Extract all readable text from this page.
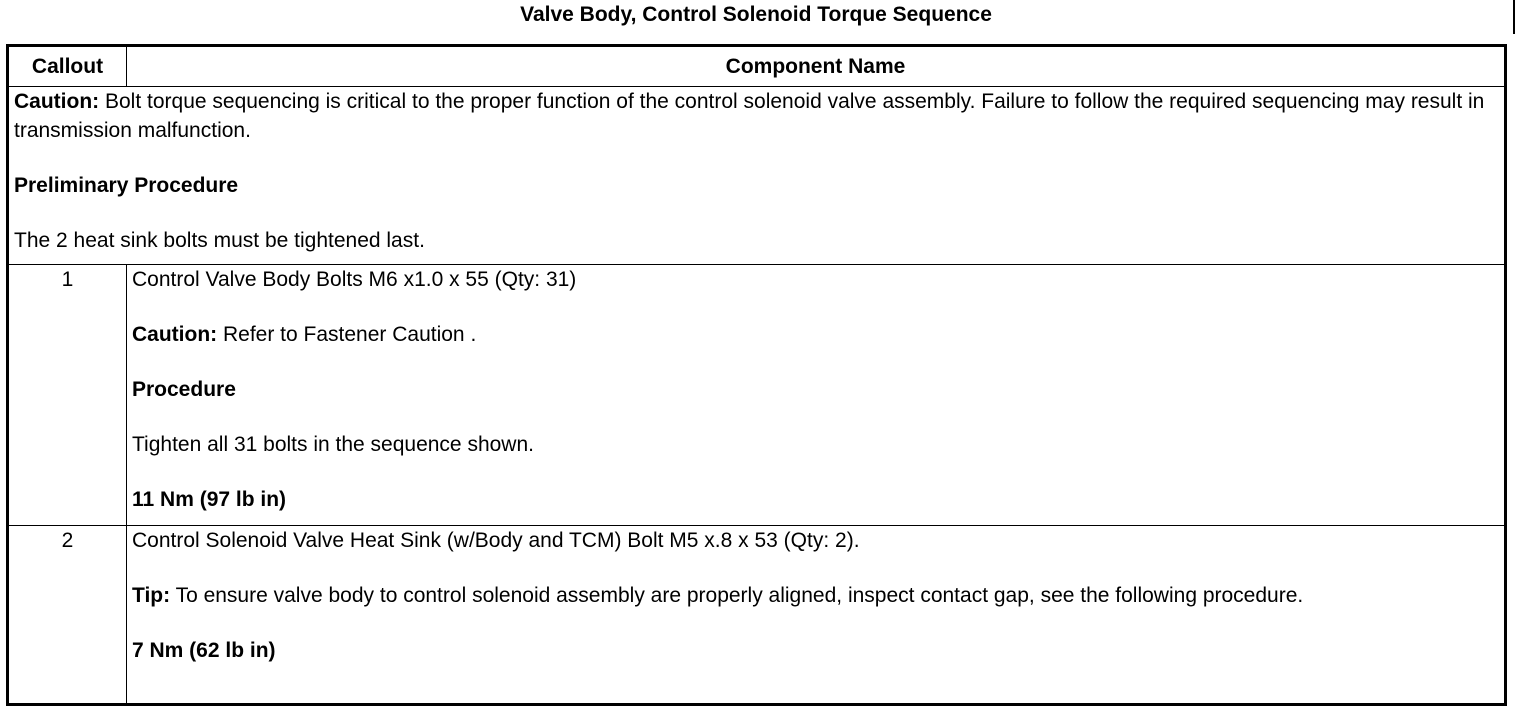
Valve Body, Control Solenoid Torque Sequence
Callout	Component Name

Caution: Bolt torque sequencing is critical to the proper function of the control solenoid valve assembly. Failure to follow the required sequencing may result in transmission malfunction.

Preliminary Procedure

The 2 heat sink bolts must be tightened last.	

1	Control Valve Body Bolts M6 x1.0 x 55 (Qty: 31)

Caution: Refer to Fastener Caution .

Procedure

Tighten all 31 bolts in the sequence shown.

11 Nm (97 lb in)

2	Control Solenoid Valve Heat Sink (w/Body and TCM) Bolt M5 x.8 x 53 (Qty: 2).

Tip: To ensure valve body to control solenoid assembly are properly aligned, inspect contact gap, see the following procedure.

7 Nm (62 lb in)
